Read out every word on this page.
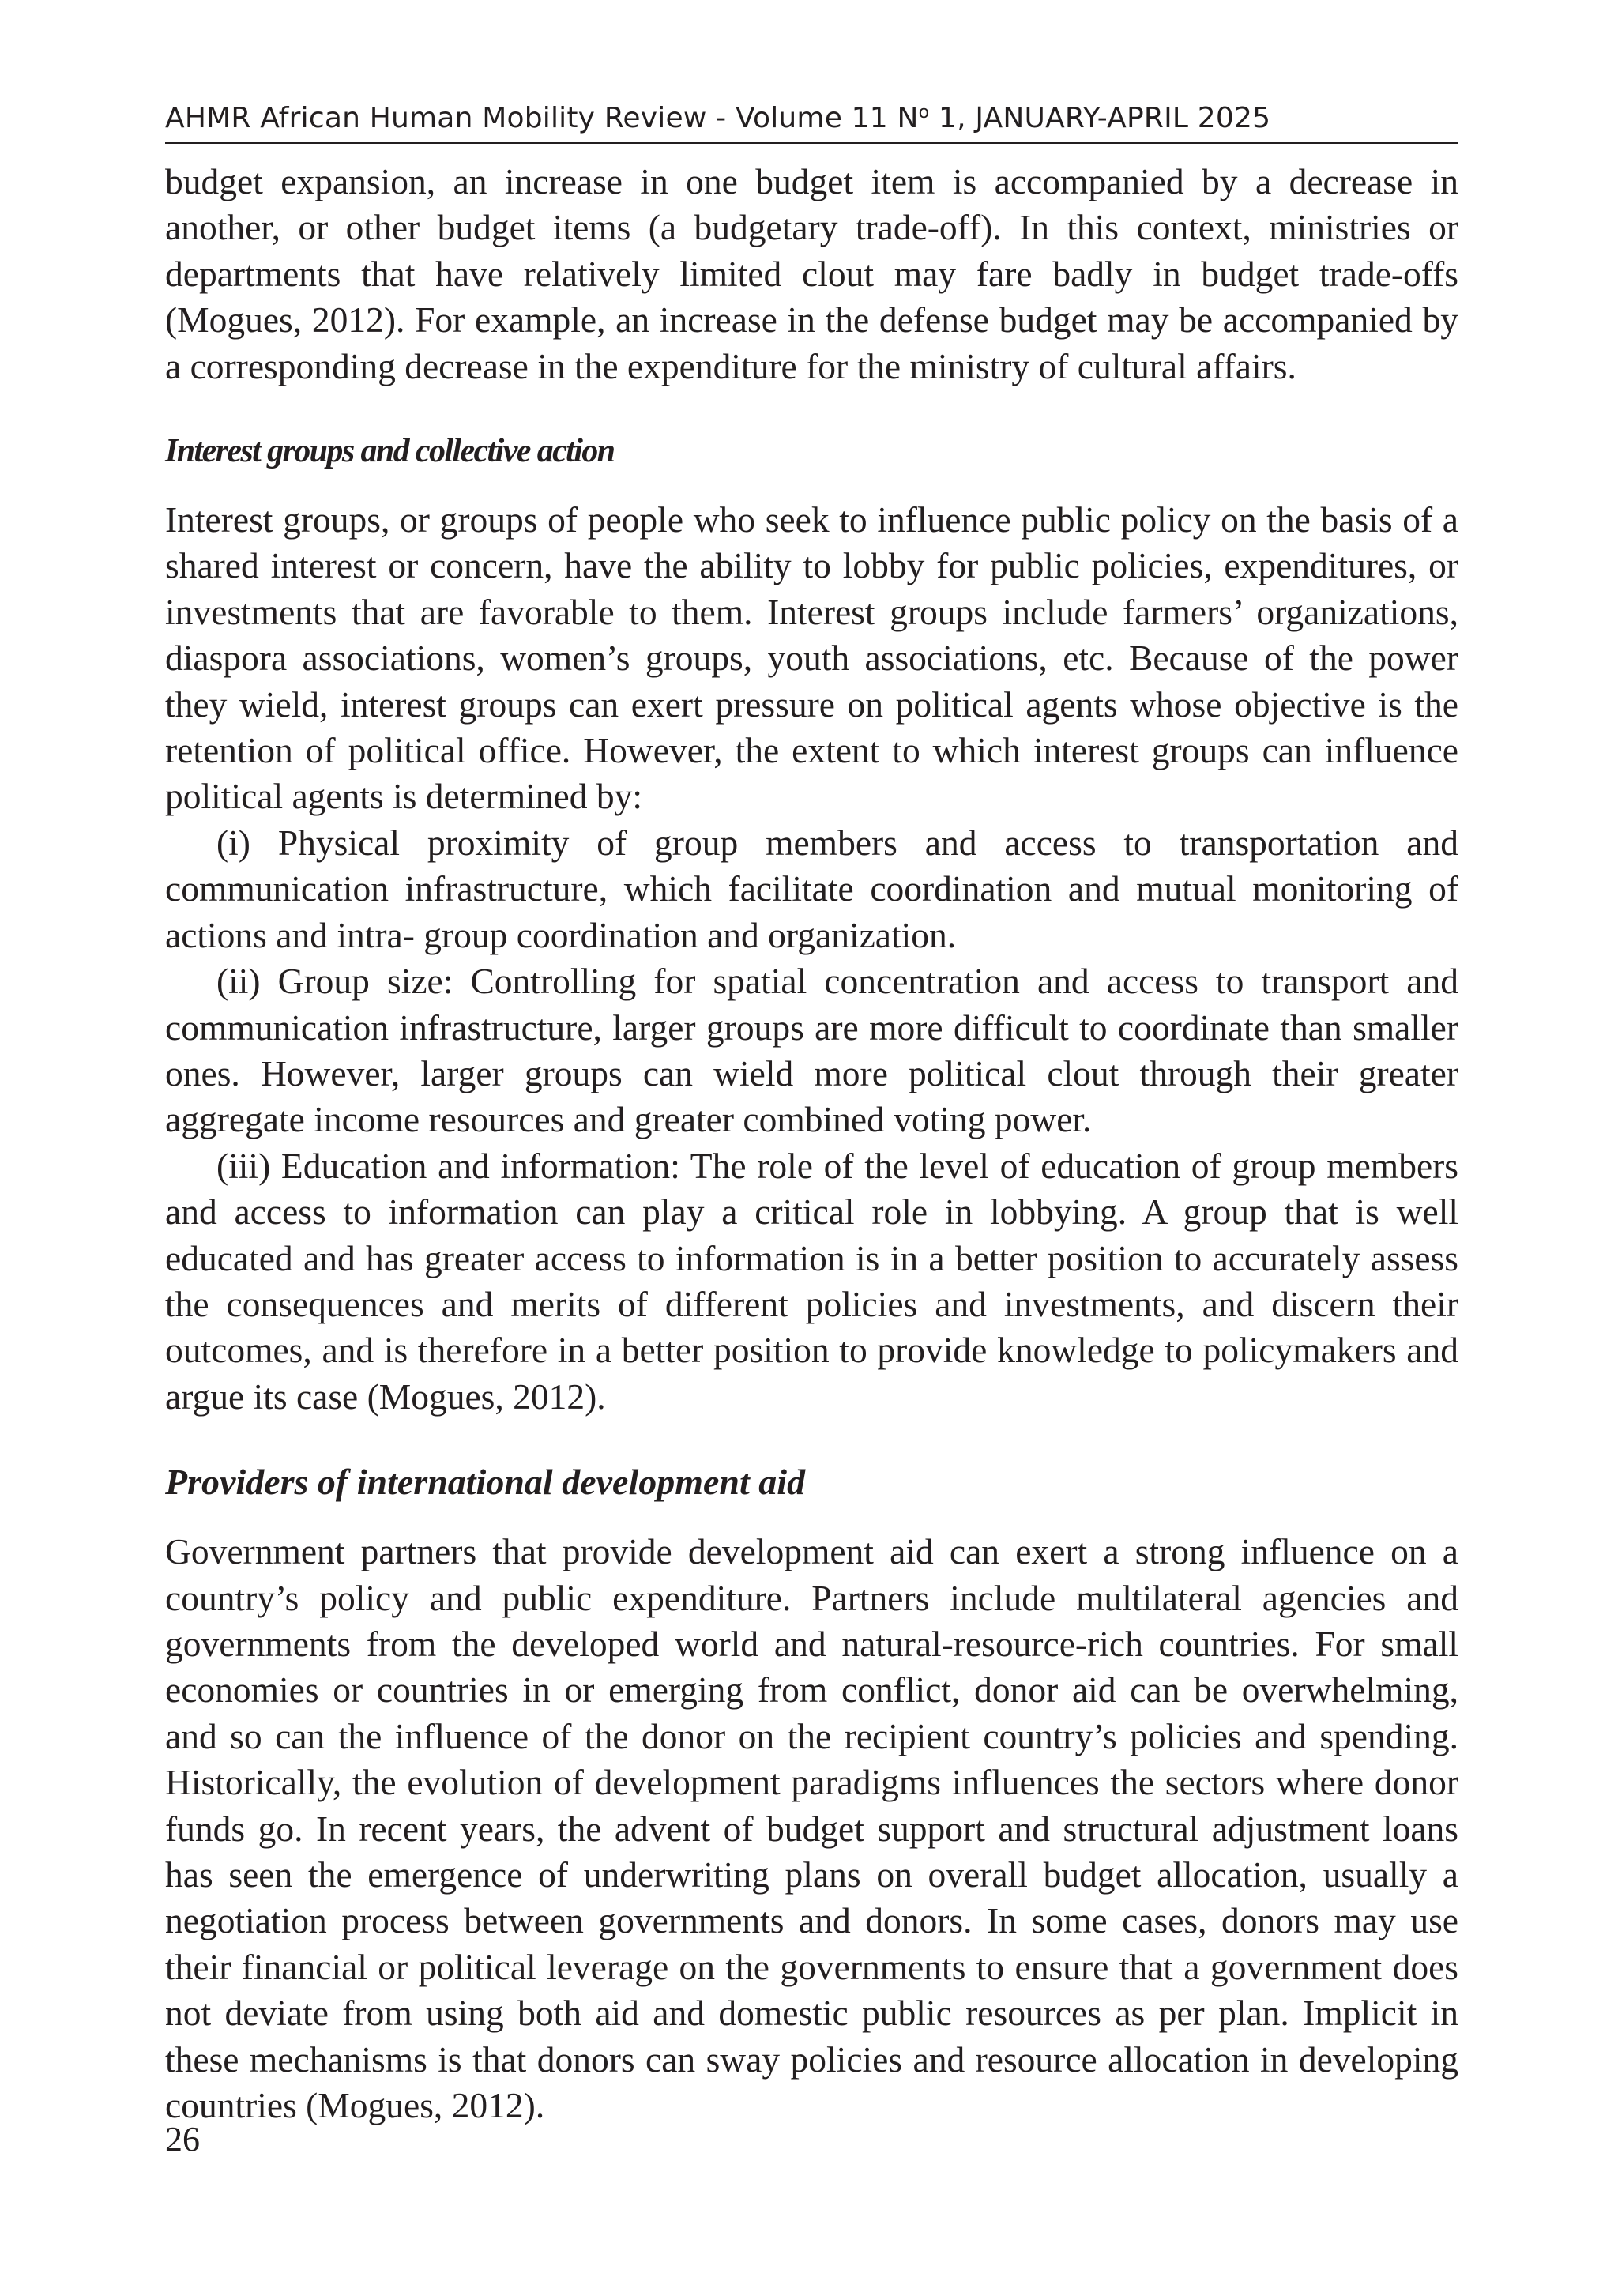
AHMR African Human Mobility Review - Volume 11 $N^o$ 1, JANUARY-APRIL 2025

budget expansion, an increase in one budget item is accompanied by a decrease in another, or other budget items (a budgetary trade-off). In this context, ministries or departments that have relatively limited clout may fare badly in budget trade-offs (Mogues, 2012). For example, an increase in the defense budget may be accompanied by a corresponding decrease in the expenditure for the ministry of cultural affairs.

Interest groups and collective action

Interest groups, or groups of people who seek to influence public policy on the basis of a shared interest or concern, have the ability to lobby for public policies, expenditures, or investments that are favorable to them. Interest groups include farmers’ organizations, diaspora associations, women’s groups, youth associations, etc. Because of the power they wield, interest groups can exert pressure on political agents whose objective is the retention of political office. However, the extent to which interest groups can influence political agents is determined by:

(i) Physical proximity of group members and access to transportation and communication infrastructure, which facilitate coordination and mutual monitoring of actions and intra- group coordination and organization.

(ii) Group size: Controlling for spatial concentration and access to transport and communication infrastructure, larger groups are more difficult to coordinate than smaller ones. However, larger groups can wield more political clout through their greater aggregate income resources and greater combined voting power.

(iii) Education and information: The role of the level of education of group members and access to information can play a critical role in lobbying. A group that is well educated and has greater access to information is in a better position to accurately assess the consequences and merits of different policies and investments, and discern their outcomes, and is therefore in a better position to provide knowledge to policymakers and argue its case (Mogues, 2012).

Providers of international development aid

Government partners that provide development aid can exert a strong influence on a country’s policy and public expenditure. Partners include multilateral agencies and governments from the developed world and natural-resource-rich countries. For small economies or countries in or emerging from conflict, donor aid can be overwhelming, and so can the influence of the donor on the recipient country’s policies and spending. Historically, the evolution of development paradigms influences the sectors where donor funds go. In recent years, the advent of budget support and structural adjustment loans has seen the emergence of underwriting plans on overall budget allocation, usually a negotiation process between governments and donors. In some cases, donors may use their financial or political leverage on the governments to ensure that a government does not deviate from using both aid and domestic public resources as per plan. Implicit in these mechanisms is that donors can sway policies and resource allocation in developing countries (Mogues, 2012).

26
